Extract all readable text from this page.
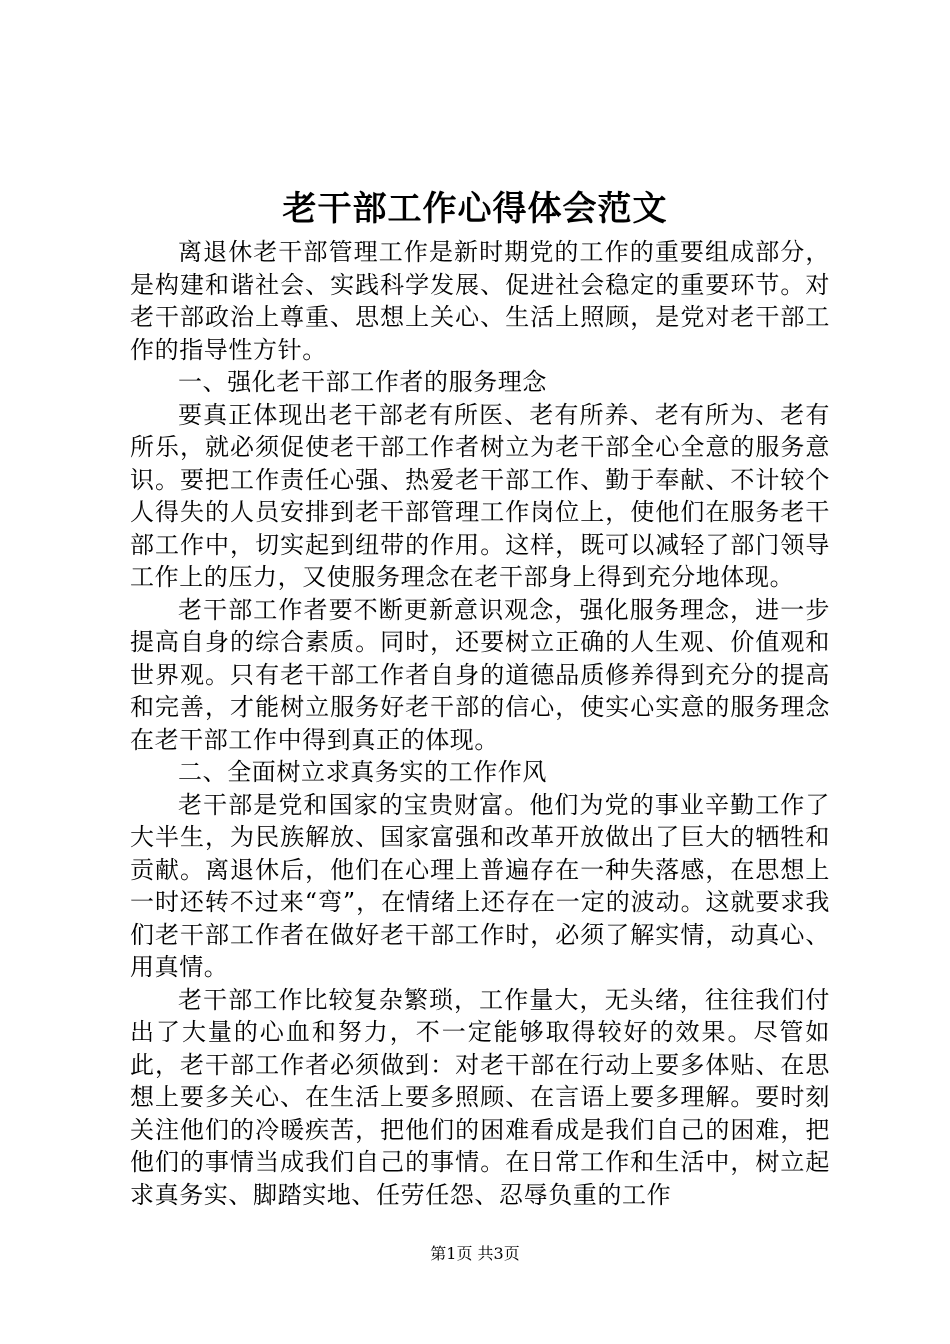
老干部工作心得体会范文

离退休老干部管理工作是新时期党的工作的重要组成部分，是构建和谐社会、实践科学发展、促进社会稳定的重要环节。对老干部政治上尊重、思想上关心、生活上照顾，是党对老干部工作的指导性方针。

一、强化老干部工作者的服务理念

要真正体现出老干部老有所医、老有所养、老有所为、老有所乐，就必须促使老干部工作者树立为老干部全心全意的服务意识。要把工作责任心强、热爱老干部工作、勤于奉献、不计较个人得失的人员安排到老干部管理工作岗位上，使他们在服务老干部工作中，切实起到纽带的作用。这样，既可以减轻了部门领导工作上的压力，又使服务理念在老干部身上得到充分地体现。

老干部工作者要不断更新意识观念，强化服务理念，进一步提高自身的综合素质。同时，还要树立正确的人生观、价值观和世界观。只有老干部工作者自身的道德品质修养得到充分的提高和完善，才能树立服务好老干部的信心，使实心实意的服务理念在老干部工作中得到真正的体现。

二、全面树立求真务实的工作作风

老干部是党和国家的宝贵财富。他们为党的事业辛勤工作了大半生，为民族解放、国家富强和改革开放做出了巨大的牺牲和贡献。离退休后，他们在心理上普遍存在一种失落感，在思想上一时还转不过来“弯”，在情绪上还存在一定的波动。这就要求我们老干部工作者在做好老干部工作时，必须了解实情，动真心、用真情。

老干部工作比较复杂繁琐，工作量大，无头绪，往往我们付出了大量的心血和努力，不一定能够取得较好的效果。尽管如此，老干部工作者必须做到：对老干部在行动上要多体贴、在思想上要多关心、在生活上要多照顾、在言语上要多理解。要时刻关注他们的冷暖疾苦，把他们的困难看成是我们自己的困难，把他们的事情当成我们自己的事情。在日常工作和生活中，树立起求真务实、脚踏实地、任劳任怨、忍辱负重的工作

第1页 共3页
